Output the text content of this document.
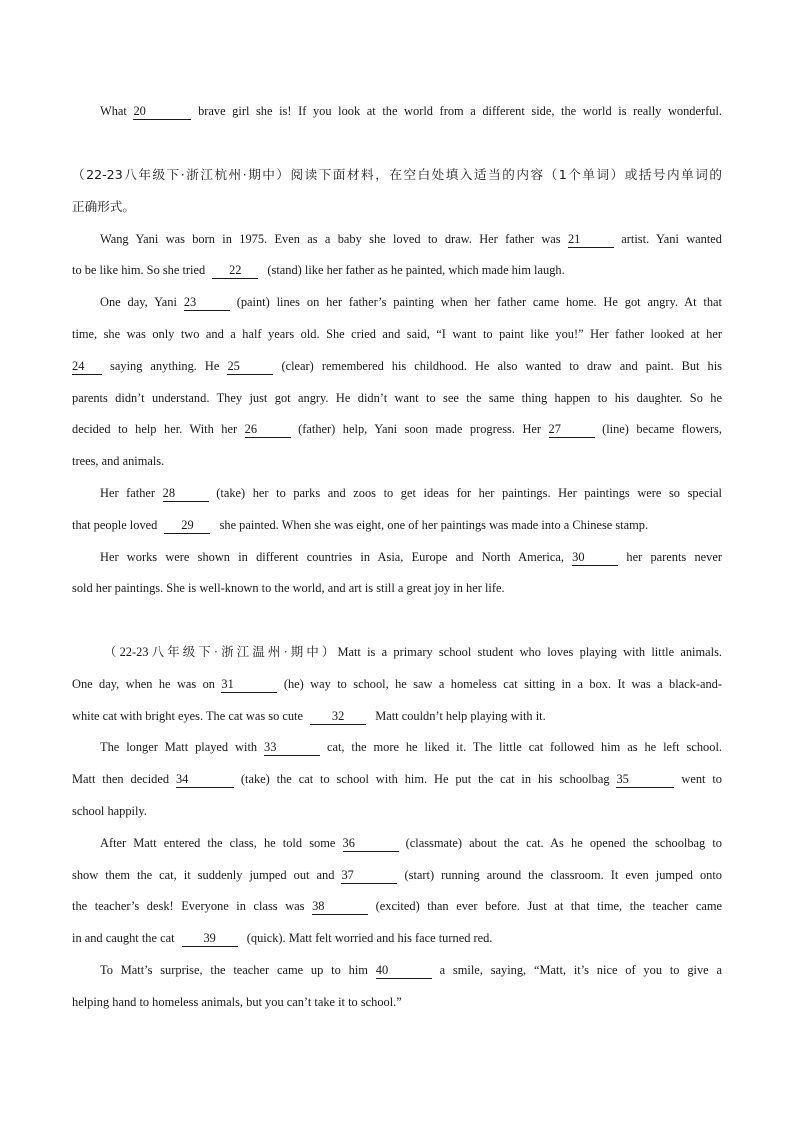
What 20	brave girl she is! If you look at the world from a different side, the world is really wonderful.
（22-23八年级下·浙江杭州·期中）阅读下面材料，在空白处填入适当的内容（1个单词）或括号内单词的
正确形式。
Wang Yani was born in 1975. Even as a baby she loved to draw. Her father was 21	artist. Yani wanted
to be like him. So she tried 22 (stand) like her father as he painted, which made him laugh.
One day, Yani 23	(paint) lines on her father’s painting when her father came home. He got angry. At that
time, she was only two and a half years old. She cried and said, “I want to paint like you!” Her father looked at her
24 saying anything. He 25	(clear) remembered his childhood. He also wanted to draw and paint. But his
parents didn’t understand. They just got angry. He didn’t want to see the same thing happen to his daughter. So he
decided to help her. With her 26	(father) help, Yani soon made progress. Her 27	(line) became flowers,
trees, and animals.
Her father 28	(take) her to parks and zoos to get ideas for her paintings. Her paintings were so special
that people loved 29 she painted. When she was eight, one of her paintings was made into a Chinese stamp.
Her works were shown in different countries in Asia, Europe and North America, 30	her parents never
sold her paintings. She is well-known to the world, and art is still a great joy in her life.
（22-23八年级下·浙江温州·期中）Matt is a primary school student who loves playing with little animals.
One day, when he was on 31	(he) way to school, he saw a homeless cat sitting in a box. It was a black-and-
white cat with bright eyes. The cat was so cute 32 Matt couldn’t help playing with it.
The longer Matt played with 33	cat, the more he liked it. The little cat followed him as he left school.
Matt then decided 34	(take) the cat to school with him. He put the cat in his schoolbag 35	went to
school happily.
After Matt entered the class, he told some 36	(classmate) about the cat. As he opened the schoolbag to
show them the cat, it suddenly jumped out and 37	(start) running around the classroom. It even jumped onto
the teacher’s desk! Everyone in class was 38	(excited) than ever before. Just at that time, the teacher came
in and caught the cat 39 (quick). Matt felt worried and his face turned red.
To Matt’s surprise, the teacher came up to him 40	a smile, saying, “Matt, it’s nice of you to give a
helping hand to homeless animals, but you can’t take it to school.”
